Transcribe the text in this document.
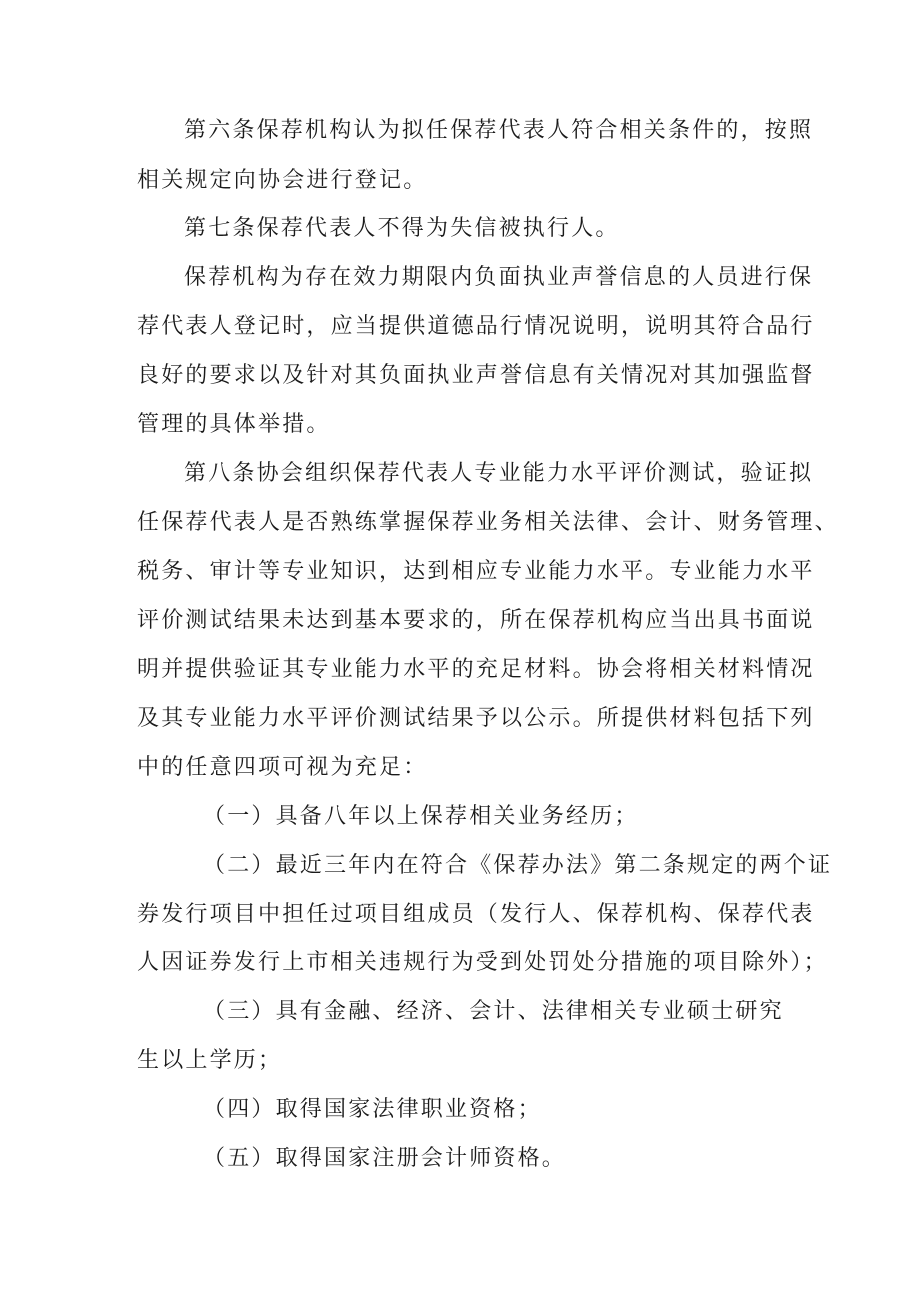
第六条保荐机构认为拟任保荐代表人符合相关条件的，按照
相关规定向协会进行登记。
第七条保荐代表人不得为失信被执行人。
保荐机构为存在效力期限内负面执业声誉信息的人员进行保
荐代表人登记时，应当提供道德品行情况说明，说明其符合品行
良好的要求以及针对其负面执业声誉信息有关情况对其加强监督
管理的具体举措。
第八条协会组织保荐代表人专业能力水平评价测试，验证拟
任保荐代表人是否熟练掌握保荐业务相关法律、会计、财务管理、
税务、审计等专业知识，达到相应专业能力水平。专业能力水平
评价测试结果未达到基本要求的，所在保荐机构应当出具书面说
明并提供验证其专业能力水平的充足材料。协会将相关材料情况
及其专业能力水平评价测试结果予以公示。所提供材料包括下列
中的任意四项可视为充足：
（一）具备八年以上保荐相关业务经历；
（二）最近三年内在符合《保荐办法》第二条规定的两个证
券发行项目中担任过项目组成员（发行人、保荐机构、保荐代表
人因证券发行上市相关违规行为受到处罚处分措施的项目除外）；
（三）具有金融、经济、会计、法律相关专业硕士研究
生以上学历；
（四）取得国家法律职业资格；
（五）取得国家注册会计师资格。
